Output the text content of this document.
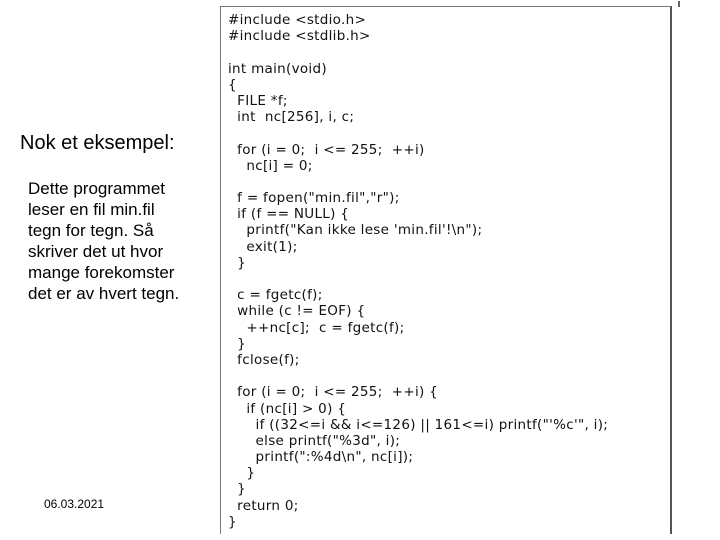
Nok et eksempel:
Dette programmet
leser en fil min.fil
tegn for tegn. Så
skriver det ut hvor
mange forekomster
det er av hvert tegn.
06.03.2021
#include <stdio.h>
#include <stdlib.h>
int main(void)
{
FILE *f;
int  nc[256], i, c;
for (i = 0;  i <= 255;  ++i)
nc[i] = 0;
f = fopen("min.fil","r");
if (f == NULL) {
printf("Kan ikke lese 'min.fil'!\n");
exit(1);
}
c = fgetc(f);
while (c != EOF) {
++nc[c];  c = fgetc(f);
}
fclose(f);
for (i = 0;  i <= 255;  ++i) {
if (nc[i] > 0) {
if ((32<=i && i<=126) || 161<=i) printf("'%c'", i);
else printf("%3d", i);
printf(":%4d\n", nc[i]);
}
}
return 0;
}
